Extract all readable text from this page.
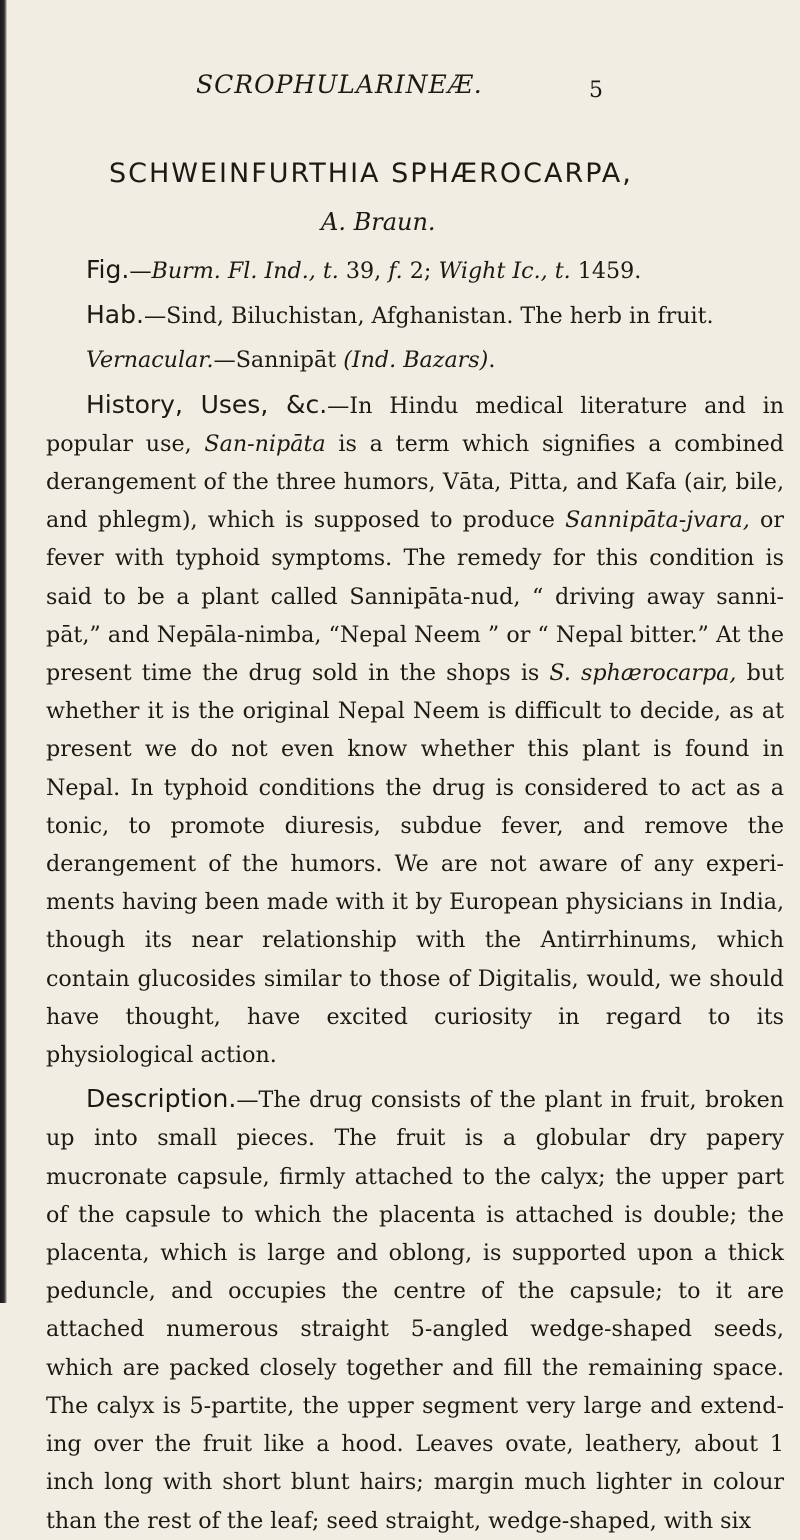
SCROPHULARINEÆ.	5
SCHWEINFURTHIA SPHÆROCARPA,
A. Braun.

Fig.—Burm. Fl. Ind., t. 39, f. 2; Wight Ic., t. 1459.

Hab.—Sind, Biluchistan, Afghanistan. The herb in fruit.

Vernacular.—Sannipāt (Ind. Bazars).

History, Uses, &c.—In Hindu medical literature and in popular use, San-nipāta is a term which signifies a combined derangement of the three humors, Vāta, Pitta, and Kafa (air, bile, and phlegm), which is supposed to produce Sannipāta-jvara, or fever with typhoid symptoms. The remedy for this condition is said to be a plant called Sannipāta-nud, “ driving away sanni-pāt,” and Nepāla-nimba, “Nepal Neem ” or “ Nepal bitter.” At the present time the drug sold in the shops is S. sphærocarpa, but whether it is the original Nepal Neem is difficult to decide, as at present we do not even know whether this plant is found in Nepal. In typhoid conditions the drug is considered to act as a tonic, to promote diuresis, subdue fever, and remove the derangement of the humors. We are not aware of any experi-ments having been made with it by European physicians in India, though its near relationship with the Antirrhinums, which contain glucosides similar to those of Digitalis, would, we should have thought, have excited curiosity in regard to its physiological action.

Description.—The drug consists of the plant in fruit, broken up into small pieces. The fruit is a globular dry papery mucronate capsule, firmly attached to the calyx; the upper part of the capsule to which the placenta is attached is double; the placenta, which is large and oblong, is supported upon a thick peduncle, and occupies the centre of the capsule; to it are attached numerous straight 5-angled wedge-shaped seeds, which are packed closely together and fill the remaining space. The calyx is 5-partite, the upper segment very large and extend-ing over the fruit like a hood. Leaves ovate, leathery, about 1 inch long with short blunt hairs; margin much lighter in colour than the rest of the leaf; seed straight, wedge-shaped, with six
